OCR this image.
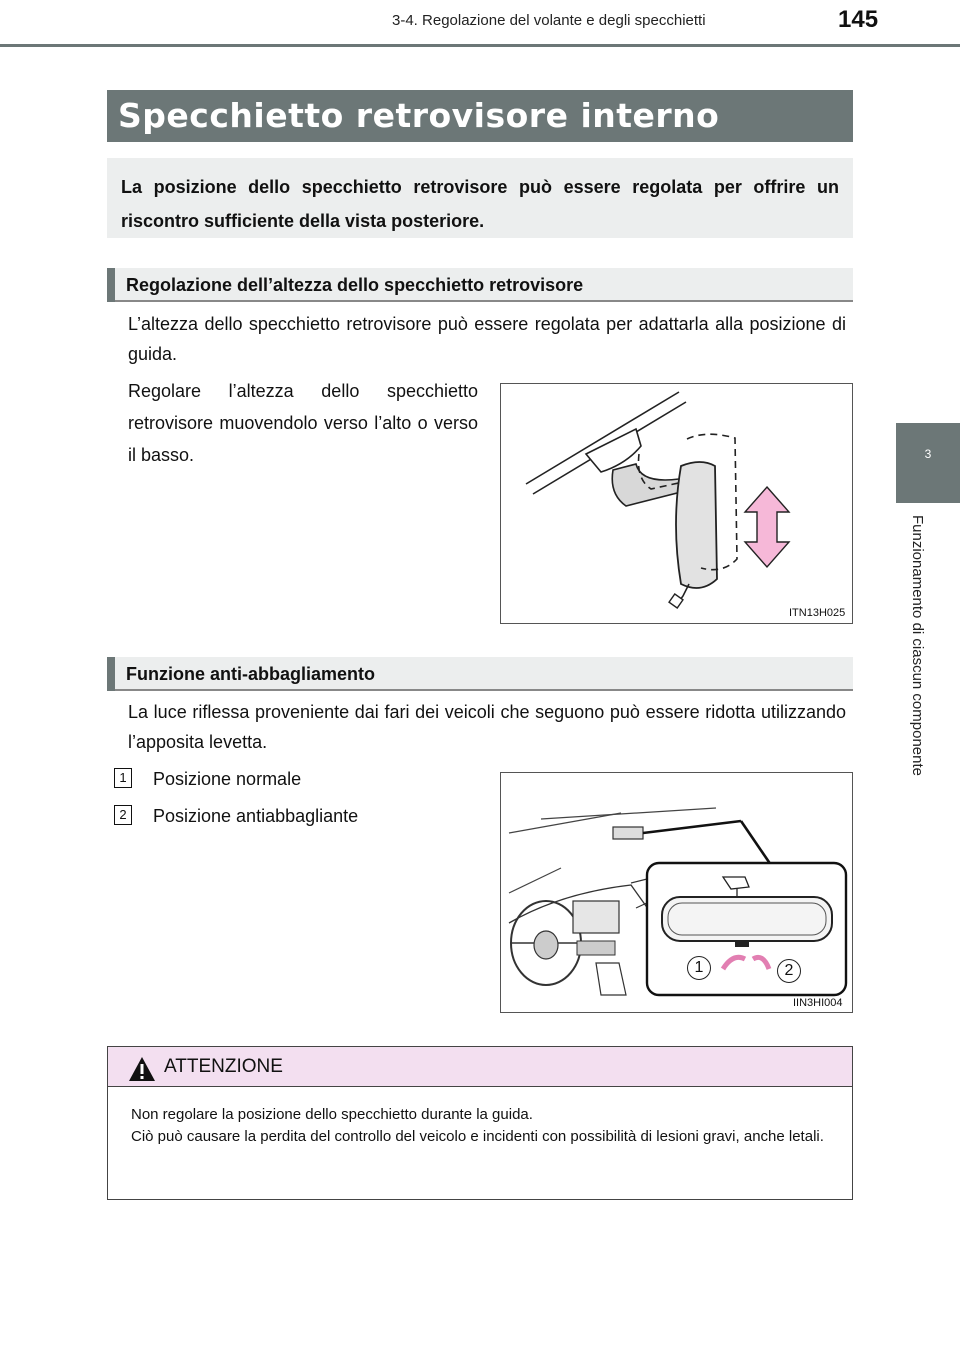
3-4. Regolazione del volante e degli specchietti	145
3
Funzionamento di ciascun componente
Specchietto retrovisore interno
La posizione dello specchietto retrovisore può essere regolata per offrire un riscontro sufficiente della vista posteriore.
Regolazione dell’altezza dello specchietto retrovisore
L’altezza dello specchietto retrovisore può essere regolata per adattarla alla posizione di guida.
Regolare l’altezza dello specchietto retrovisore muovendolo verso l’alto o verso il basso.
ITN13H025
Funzione anti-abbagliamento
La luce riflessa proveniente dai fari dei veicoli che seguono può essere ridotta utilizzando l’apposita levetta.
1 Posizione normale
2 Posizione antiabbagliante
1	2
IIN3HI004
ATTENZIONE
Non regolare la posizione dello specchietto durante la guida.
Ciò può causare la perdita del controllo del veicolo e incidenti con possibilità di lesioni gravi, anche letali.
